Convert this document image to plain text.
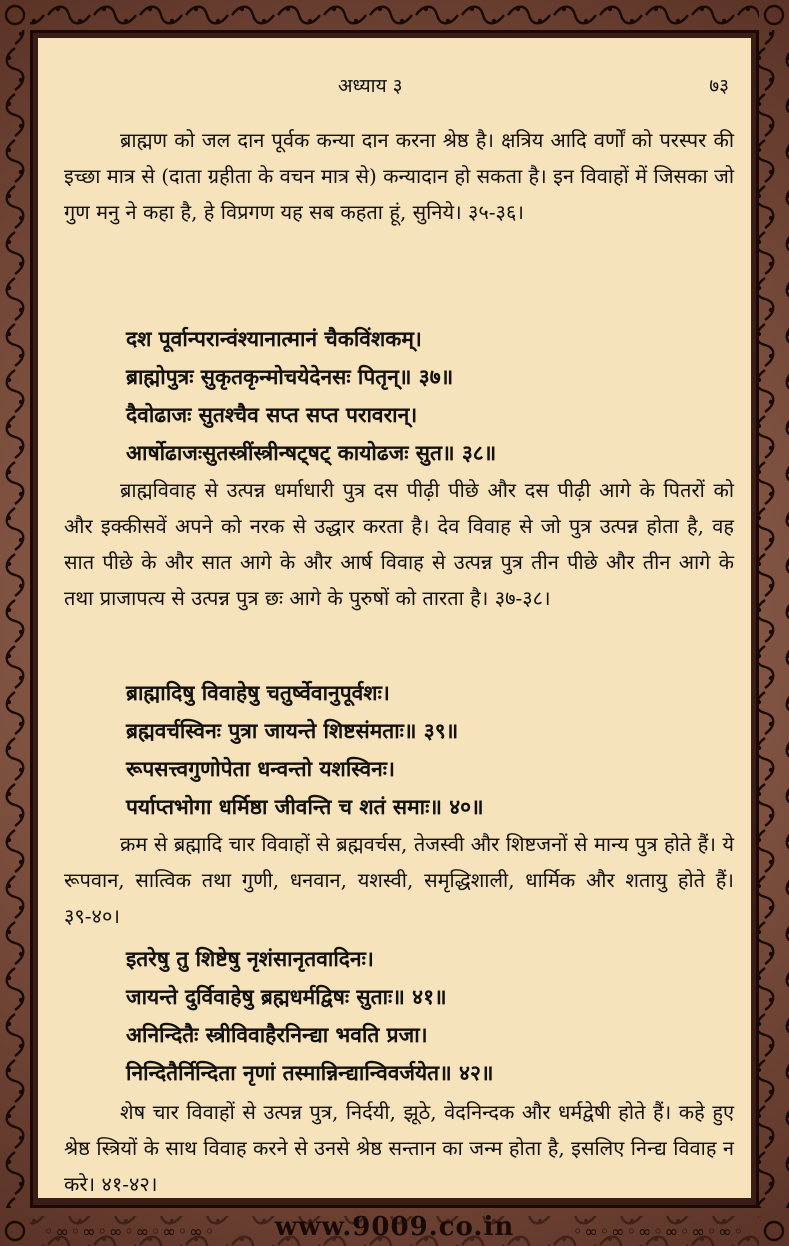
अध्याय ३	७३
ब्राह्मण को जल दान पूर्वक कन्या दान करना श्रेष्ठ है। क्षत्रिय आदि वर्णों को परस्पर की इच्छा मात्र से (दाता ग्रहीता के वचन मात्र से) कन्यादान हो सकता है। इन विवाहों में जिसका जो गुण मनु ने कहा है, हे विप्रगण यह सब कहता हूं, सुनिये। ३५-३६।
दश पूर्वान्परान्वंश्यानात्मानं चैकविंशकम्।
ब्राह्मोपुत्रः सुकृतकृन्मोचयेदेनसः पितृन्॥ ३७॥
दैवोढाजः सुतश्चैव सप्त सप्त परावरान्।
आर्षोढाजःसुतस्त्रींस्त्रीन्षट्षट् कायोढजः सुत॥ ३८॥
ब्राह्मविवाह से उत्पन्न धर्माधारी पुत्र दस पीढ़ी पीछे और दस पीढ़ी आगे के पितरों को और इक्कीसवें अपने को नरक से उद्धार करता है। देव विवाह से जो पुत्र उत्पन्न होता है, वह सात पीछे के और सात आगे के और आर्ष विवाह से उत्पन्न पुत्र तीन पीछे और तीन आगे के तथा प्राजापत्य से उत्पन्न पुत्र छः आगे के पुरुषों को तारता है। ३७-३८।
ब्राह्मादिषु विवाहेषु चतुर्ष्वेवानुपूर्वशः।
ब्रह्मवर्चस्विनः पुत्रा जायन्ते शिष्टसंमताः॥ ३९॥
रूपसत्त्वगुणोपेता धन्वन्तो यशस्विनः।
पर्याप्तभोगा धर्मिष्ठा जीवन्ति च शतं समाः॥ ४०॥
क्रम से ब्रह्मादि चार विवाहों से ब्रह्मवर्चस, तेजस्वी और शिष्टजनों से मान्य पुत्र होते हैं। ये रूपवान, सात्विक तथा गुणी, धनवान, यशस्वी, समृद्धिशाली, धार्मिक और शतायु होते हैं। ३९-४०।
इतरेषु तु शिष्टेषु नृशंसानृतवादिनः।
जायन्ते दुर्विवाहेषु ब्रह्मधर्मद्विषः सुताः॥ ४१॥
अनिन्दितैः स्त्रीविवाहैरनिन्द्या भवति प्रजा।
निन्दितैर्निन्दिता नृणां तस्मान्निन्द्यान्विवर्जयेत॥ ४२॥
शेष चार विवाहों से उत्पन्न पुत्र, निर्दयी, झूठे, वेदनिन्दक और धर्मद्वेषी होते हैं। कहे हुए श्रेष्ठ स्त्रियों के साथ विवाह करने से उनसे श्रेष्ठ सन्तान का जन्म होता है, इसलिए निन्द्य विवाह न करे। ४१-४२।
◦∞◦∞◦∞◦∞◦∞◦∞◦	www.9009.co.in	◦∞◦∞◦∞◦∞◦∞◦∞◦
